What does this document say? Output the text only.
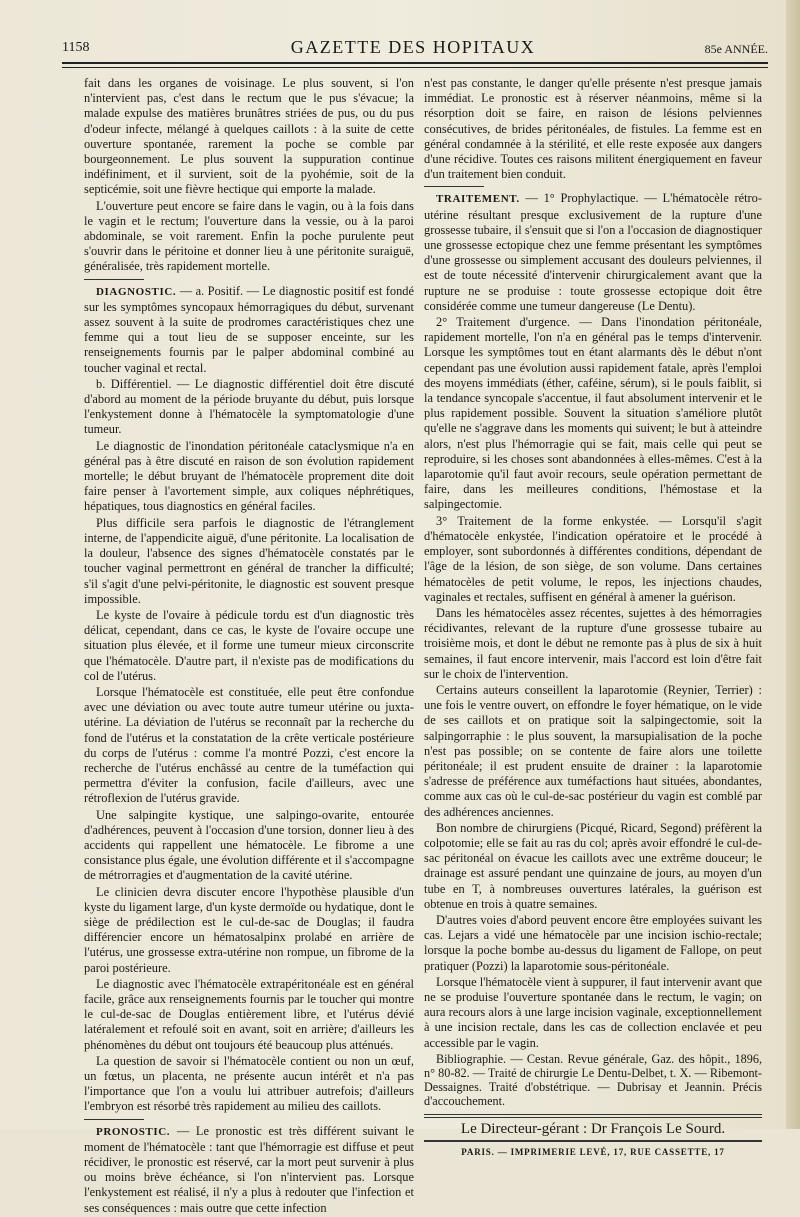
1158	GAZETTE DES HOPITAUX	85e ANNÉE.

fait dans les organes de voisinage. Le plus souvent, si l'on n'intervient pas, c'est dans le rectum que le pus s'évacue; la malade expulse des matières brunâtres striées de pus, ou du pus d'odeur infecte, mélangé à quelques caillots : à la suite de cette ouverture spontanée, rarement la poche se comble par bourgeonnement. Le plus souvent la suppuration continue indéfiniment, et il survient, soit de la pyohémie, soit de la septicémie, soit une fièvre hectique qui emporte la malade.

L'ouverture peut encore se faire dans le vagin, ou à la fois dans le vagin et le rectum; l'ouverture dans la vessie, ou à la paroi abdominale, se voit rarement. Enfin la poche purulente peut s'ouvrir dans le péritoine et donner lieu à une péritonite suraiguë, généralisée, très rapidement mortelle.

DIAGNOSTIC. — a. Positif. — Le diagnostic positif est fondé sur les symptômes syncopaux hémorragiques du début, survenant assez souvent à la suite de prodromes caractéristiques chez une femme qui a tout lieu de se supposer enceinte, sur les renseignements fournis par le palper abdominal combiné au toucher vaginal et rectal.

b. Différentiel. — Le diagnostic différentiel doit être discuté d'abord au moment de la période bruyante du début, puis lorsque l'enkystement donne à l'hématocèle la symptomatologie d'une tumeur.

Le diagnostic de l'inondation péritonéale cataclysmique n'a en général pas à être discuté en raison de son évolution rapidement mortelle; le début bruyant de l'hématocèle proprement dite doit faire penser à l'avortement simple, aux coliques néphrétiques, hépatiques, tous diagnostics en général faciles.

Plus difficile sera parfois le diagnostic de l'étranglement interne, de l'appendicite aiguë, d'une péritonite. La localisation de la douleur, l'absence des signes d'hématocèle constatés par le toucher vaginal permettront en général de trancher la difficulté; s'il s'agit d'une pelvi-péritonite, le diagnostic est souvent presque impossible.

Le kyste de l'ovaire à pédicule tordu est d'un diagnostic très délicat, cependant, dans ce cas, le kyste de l'ovaire occupe une situation plus élevée, et il forme une tumeur mieux circonscrite que l'hématocèle. D'autre part, il n'existe pas de modifications du col de l'utérus.

Lorsque l'hématocèle est constituée, elle peut être confondue avec une déviation ou avec toute autre tumeur utérine ou juxta-utérine. La déviation de l'utérus se reconnaît par la recherche du fond de l'utérus et la constatation de la crête verticale postérieure du corps de l'utérus : comme l'a montré Pozzi, c'est encore la recherche de l'utérus enchâssé au centre de la tuméfaction qui permettra d'éviter la confusion, facile d'ailleurs, avec une rétroflexion de l'utérus gravide.

Une salpingite kystique, une salpingo-ovarite, entourée d'adhérences, peuvent à l'occasion d'une torsion, donner lieu à des accidents qui rappellent une hématocèle. Le fibrome a une consistance plus égale, une évolution différente et il s'accompagne de métrorragies et d'augmentation de la cavité utérine.

Le clinicien devra discuter encore l'hypothèse plausible d'un kyste du ligament large, d'un kyste dermoïde ou hydatique, dont le siège de prédilection est le cul-de-sac de Douglas; il faudra différencier encore un hématosalpinx prolabé en arrière de l'utérus, une grossesse extra-utérine non rompue, un fibrome de la paroi postérieure.

Le diagnostic avec l'hématocèle extrapéritonéale est en général facile, grâce aux renseignements fournis par le toucher qui montre le cul-de-sac de Douglas entièrement libre, et l'utérus dévié latéralement et refoulé soit en avant, soit en arrière; d'ailleurs les phénomènes du début ont toujours été beaucoup plus atténués.

La question de savoir si l'hématocèle contient ou non un œuf, un fœtus, un placenta, ne présente aucun intérêt et n'a pas l'importance que l'on a voulu lui attribuer autrefois; d'ailleurs l'embryon est résorbé très rapidement au milieu des caillots.

PRONOSTIC. — Le pronostic est très différent suivant le moment de l'hématocèle : tant que l'hémorragie est diffuse et peut récidiver, le pronostic est réservé, car la mort peut survenir à plus ou moins brève échéance, si l'on n'intervient pas. Lorsque l'enkystement est réalisé, il n'y a plus à redouter que l'infection et ses conséquences : mais outre que cette infection

n'est pas constante, le danger qu'elle présente n'est presque jamais immédiat. Le pronostic est à réserver néanmoins, même si la résorption doit se faire, en raison de lésions pelviennes consécutives, de brides péritonéales, de fistules. La femme est en général condamnée à la stérilité, et elle reste exposée aux dangers d'une récidive. Toutes ces raisons militent énergiquement en faveur d'un traitement bien conduit.

TRAITEMENT. — 1° Prophylactique. — L'hématocèle rétro-utérine résultant presque exclusivement de la rupture d'une grossesse tubaire, il s'ensuit que si l'on a l'occasion de diagnostiquer une grossesse ectopique chez une femme présentant les symptômes d'une grossesse ou simplement accusant des douleurs pelviennes, il est de toute nécessité d'intervenir chirurgicalement avant que la rupture ne se produise : toute grossesse ectopique doit être considérée comme une tumeur dangereuse (Le Dentu).

2° Traitement d'urgence. — Dans l'inondation péritonéale, rapidement mortelle, l'on n'a en général pas le temps d'intervenir. Lorsque les symptômes tout en étant alarmants dès le début n'ont cependant pas une évolution aussi rapidement fatale, après l'emploi des moyens immédiats (éther, caféine, sérum), si le pouls faiblit, si la tendance syncopale s'accentue, il faut absolument intervenir et le plus rapidement possible. Souvent la situation s'améliore plutôt qu'elle ne s'aggrave dans les moments qui suivent; le but à atteindre alors, n'est plus l'hémorragie qui se fait, mais celle qui peut se reproduire, si les choses sont abandonnées à elles-mêmes. C'est à la laparotomie qu'il faut avoir recours, seule opération permettant de faire, dans les meilleures conditions, l'hémostase et la salpingectomie.

3° Traitement de la forme enkystée. — Lorsqu'il s'agit d'hématocèle enkystée, l'indication opératoire et le procédé à employer, sont subordonnés à différentes conditions, dépendant de l'âge de la lésion, de son siège, de son volume. Dans certaines hématocèles de petit volume, le repos, les injections chaudes, vaginales et rectales, suffisent en général à amener la guérison.

Dans les hématocèles assez récentes, sujettes à des hémorragies récidivantes, relevant de la rupture d'une grossesse tubaire au troisième mois, et dont le début ne remonte pas à plus de six à huit semaines, il faut encore intervenir, mais l'accord est loin d'être fait sur le choix de l'intervention.

Certains auteurs conseillent la laparotomie (Reynier, Terrier) : une fois le ventre ouvert, on effondre le foyer hématique, on le vide de ses caillots et on pratique soit la salpingectomie, soit la salpingorraphie : le plus souvent, la marsupialisation de la poche n'est pas possible; on se contente de faire alors une toilette péritonéale; il est prudent ensuite de drainer : la laparotomie s'adresse de préférence aux tuméfactions haut situées, abondantes, comme aux cas où le cul-de-sac postérieur du vagin est comblé par des adhérences anciennes.

Bon nombre de chirurgiens (Picqué, Ricard, Segond) préfèrent la colpotomie; elle se fait au ras du col; après avoir effondré le cul-de-sac péritonéal on évacue les caillots avec une extrême douceur; le drainage est assuré pendant une quinzaine de jours, au moyen d'un tube en T, à nombreuses ouvertures latérales, la guérison est obtenue en trois à quatre semaines.

D'autres voies d'abord peuvent encore être employées suivant les cas. Lejars a vidé une hématocèle par une incision ischio-rectale; lorsque la poche bombe au-dessus du ligament de Fallope, on peut pratiquer (Pozzi) la laparotomie sous-péritonéale.

Lorsque l'hématocèle vient à suppurer, il faut intervenir avant que ne se produise l'ouverture spontanée dans le rectum, le vagin; on aura recours alors à une large incision vaginale, exceptionnellement à une incision rectale, dans les cas de collection enclavée et peu accessible par le vagin.

Bibliographie. — Cestan. Revue générale, Gaz. des hôpit., 1896, n° 80-82. — Traité de chirurgie Le Dentu-Delbet, t. X. — Ribemont-Dessaignes. Traité d'obstétrique. — Dubrisay et Jeannin. Précis d'accouchement.

Le Directeur-gérant : Dr François Le Sourd.
PARIS. — IMPRIMERIE LEVÉ, 17, RUE CASSETTE, 17
